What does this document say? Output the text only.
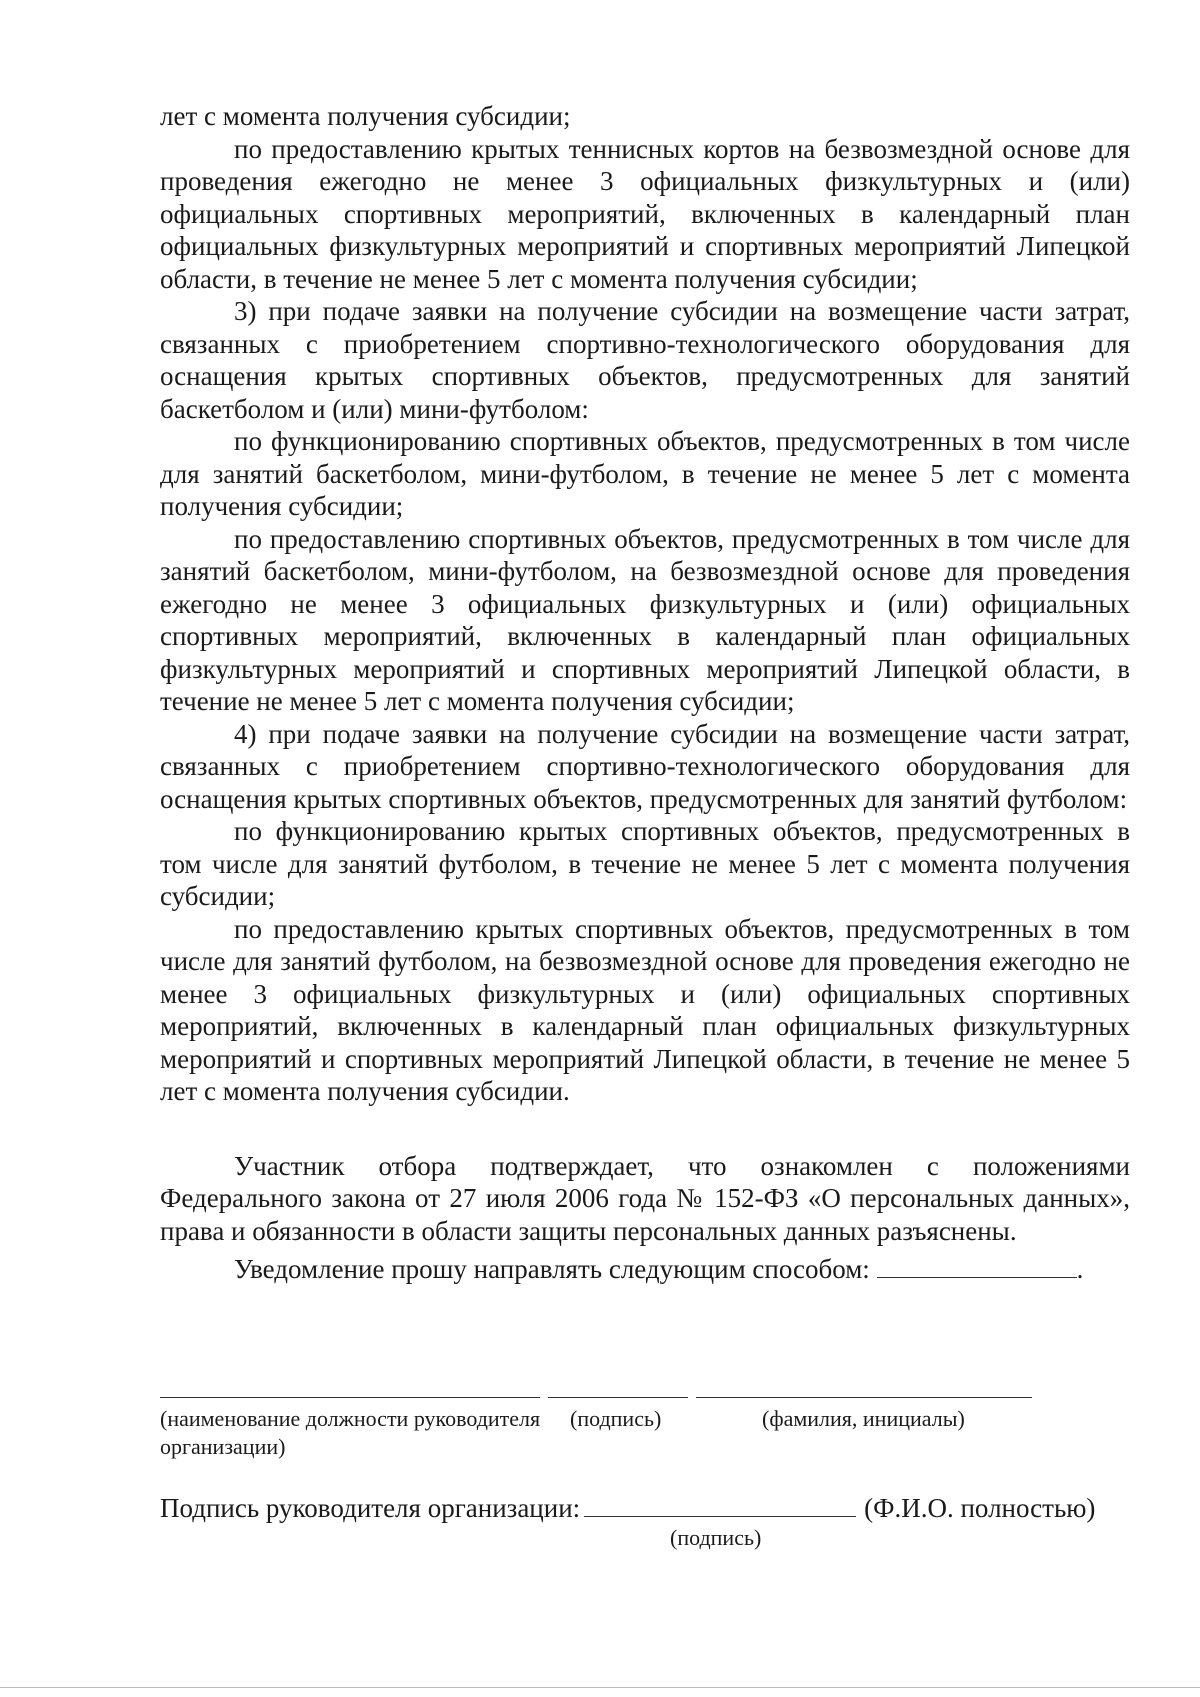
лет с момента получения субсидии;

по предоставлению крытых теннисных кортов на безвозмездной основе для проведения ежегодно не менее 3 официальных физкультурных и (или) официальных спортивных мероприятий, включенных в календарный план официальных физкультурных мероприятий и спортивных мероприятий Липецкой области, в течение не менее 5 лет с момента получения субсидии;

3) при подаче заявки на получение субсидии на возмещение части затрат, связанных с приобретением спортивно-технологического оборудования для оснащения крытых спортивных объектов, предусмотренных для занятий баскетболом и (или) мини-футболом:

по функционированию спортивных объектов, предусмотренных в том числе для занятий баскетболом, мини-футболом, в течение не менее 5 лет с момента получения субсидии;

по предоставлению спортивных объектов, предусмотренных в том числе для занятий баскетболом, мини-футболом, на безвозмездной основе для проведения ежегодно не менее 3 официальных физкультурных и (или) официальных спортивных мероприятий, включенных в календарный план официальных физкультурных мероприятий и спортивных мероприятий Липецкой области, в течение не менее 5 лет с момента получения субсидии;

4) при подаче заявки на получение субсидии на возмещение части затрат, связанных с приобретением спортивно-технологического оборудования для оснащения крытых спортивных объектов, предусмотренных для занятий футболом:

по функционированию крытых спортивных объектов, предусмотренных в том числе для занятий футболом, в течение не менее 5 лет с момента получения субсидии;

по предоставлению крытых спортивных объектов, предусмотренных в том числе для занятий футболом, на безвозмездной основе для проведения ежегодно не менее 3 официальных физкультурных и (или) официальных спортивных мероприятий, включенных в календарный план официальных физкультурных мероприятий и спортивных мероприятий Липецкой области, в течение не менее 5 лет с момента получения субсидии.

Участник отбора подтверждает, что ознакомлен с положениями Федерального закона от 27 июля 2006 года № 152-ФЗ «О персональных данных», права и обязанности в области защиты персональных данных разъяснены.

Уведомление прошу направлять следующим способом:	.

(наименование должности руководителя организации)
(подпись)	(фамилия, инициалы)
Подпись руководителя организации:	(Ф.И.О. полностью)
(подпись)
